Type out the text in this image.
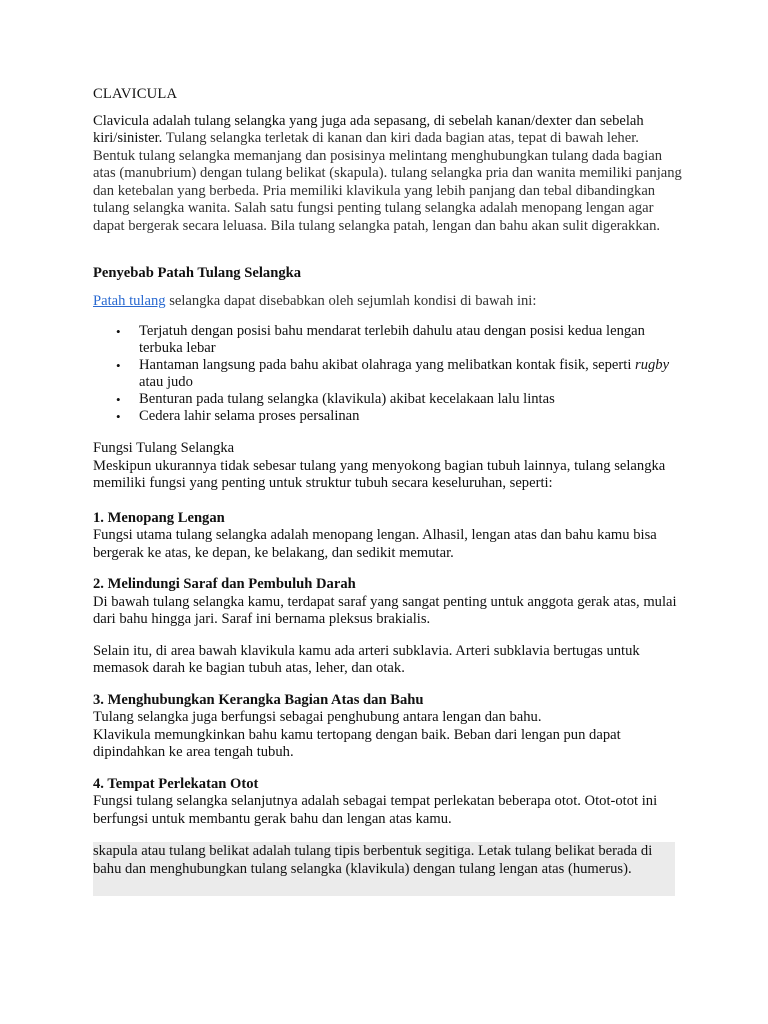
CLAVICULA

Clavicula adalah tulang selangka yang juga ada sepasang, di sebelah kanan/dexter dan sebelah kiri/sinister. Tulang selangka terletak di kanan dan kiri dada bagian atas, tepat di bawah leher. Bentuk tulang selangka memanjang dan posisinya melintang menghubungkan tulang dada bagian atas (manubrium) dengan tulang belikat (skapula). tulang selangka pria dan wanita memiliki panjang dan ketebalan yang berbeda. Pria memiliki klavikula yang lebih panjang dan tebal dibandingkan tulang selangka wanita. Salah satu fungsi penting tulang selangka adalah menopang lengan agar dapat bergerak secara leluasa. Bila tulang selangka patah, lengan dan bahu akan sulit digerakkan.

Penyebab Patah Tulang Selangka

Patah tulang selangka dapat disebabkan oleh sejumlah kondisi di bawah ini:

• Terjatuh dengan posisi bahu mendarat terlebih dahulu atau dengan posisi kedua lengan terbuka lebar
• Hantaman langsung pada bahu akibat olahraga yang melibatkan kontak fisik, seperti rugby atau judo
• Benturan pada tulang selangka (klavikula) akibat kecelakaan lalu lintas
• Cedera lahir selama proses persalinan

Fungsi Tulang Selangka

Meskipun ukurannya tidak sebesar tulang yang menyokong bagian tubuh lainnya, tulang selangka memiliki fungsi yang penting untuk struktur tubuh secara keseluruhan, seperti:

1. Menopang Lengan

Fungsi utama tulang selangka adalah menopang lengan. Alhasil, lengan atas dan bahu kamu bisa bergerak ke atas, ke depan, ke belakang, dan sedikit memutar.

2. Melindungi Saraf dan Pembuluh Darah

Di bawah tulang selangka kamu, terdapat saraf yang sangat penting untuk anggota gerak atas, mulai dari bahu hingga jari. Saraf ini bernama pleksus brakialis.

Selain itu, di area bawah klavikula kamu ada arteri subklavia. Arteri subklavia bertugas untuk memasok darah ke bagian tubuh atas, leher, dan otak.

3. Menghubungkan Kerangka Bagian Atas dan Bahu

Tulang selangka juga berfungsi sebagai penghubung antara lengan dan bahu.

Klavikula memungkinkan bahu kamu tertopang dengan baik. Beban dari lengan pun dapat dipindahkan ke area tengah tubuh.

4. Tempat Perlekatan Otot

Fungsi tulang selangka selanjutnya adalah sebagai tempat perlekatan beberapa otot. Otot-otot ini berfungsi untuk membantu gerak bahu dan lengan atas kamu.

skapula atau tulang belikat adalah tulang tipis berbentuk segitiga. Letak tulang belikat berada di bahu dan menghubungkan tulang selangka (klavikula) dengan tulang lengan atas (humerus).
